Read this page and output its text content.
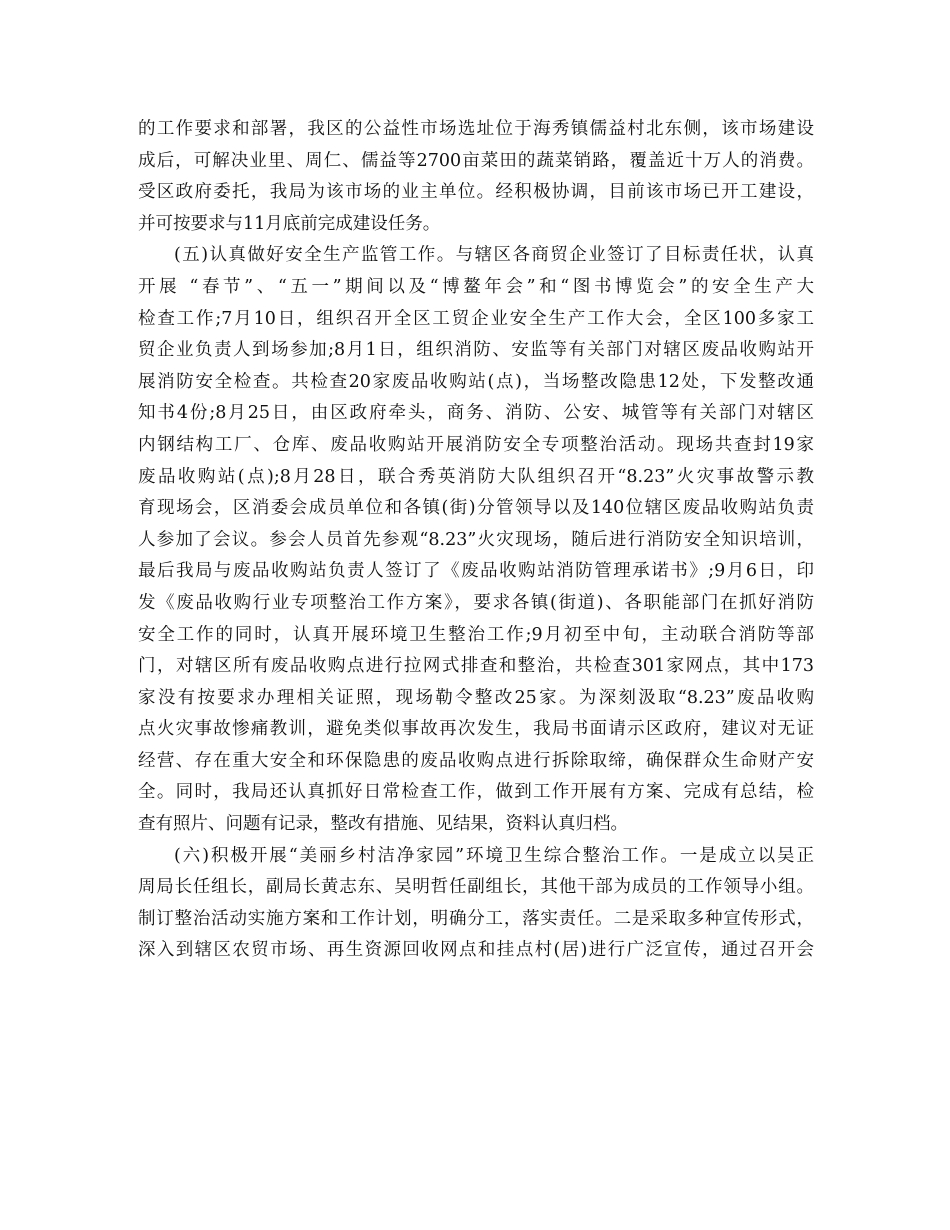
的工作要求和部署，我区的公益性市场选址位于海秀镇儒益村北东侧，该市场建设
成后，可解决业里、周仁、儒益等2700亩菜田的蔬菜销路，覆盖近十万人的消费。
受区政府委托，我局为该市场的业主单位。经积极协调，目前该市场已开工建设，
并可按要求与11月底前完成建设任务。
(五)认真做好安全生产监管工作。与辖区各商贸企业签订了目标责任状，认真
开展 “春节”、“五一”期间以及“博鳌年会”和“图书博览会”的安全生产大
检查工作;7月10日，组织召开全区工贸企业安全生产工作大会，全区100多家工
贸企业负责人到场参加;8月1日，组织消防、安监等有关部门对辖区废品收购站开
展消防安全检查。共检查20家废品收购站(点)，当场整改隐患12处，下发整改通
知书4份;8月25日，由区政府牵头，商务、消防、公安、城管等有关部门对辖区
内钢结构工厂、仓库、废品收购站开展消防安全专项整治活动。现场共查封19家
废品收购站(点);8月28日，联合秀英消防大队组织召开“8.23”火灾事故警示教
育现场会，区消委会成员单位和各镇(街)分管领导以及140位辖区废品收购站负责
人参加了会议。参会人员首先参观“8.23”火灾现场，随后进行消防安全知识培训，
最后我局与废品收购站负责人签订了《废品收购站消防管理承诺书》;9月6日，印
发《废品收购行业专项整治工作方案》，要求各镇(街道)、各职能部门在抓好消防
安全工作的同时，认真开展环境卫生整治工作;9月初至中旬，主动联合消防等部
门，对辖区所有废品收购点进行拉网式排查和整治，共检查301家网点，其中173
家没有按要求办理相关证照，现场勒令整改25家。为深刻汲取“8.23”废品收购
点火灾事故惨痛教训，避免类似事故再次发生，我局书面请示区政府，建议对无证
经营、存在重大安全和环保隐患的废品收购点进行拆除取缔，确保群众生命财产安
全。同时，我局还认真抓好日常检查工作，做到工作开展有方案、完成有总结，检
查有照片、问题有记录，整改有措施、见结果，资料认真归档。
(六)积极开展“美丽乡村洁净家园”环境卫生综合整治工作。一是成立以吴正
周局长任组长，副局长黄志东、吴明哲任副组长，其他干部为成员的工作领导小组。
制订整治活动实施方案和工作计划，明确分工，落实责任。二是采取多种宣传形式，
深入到辖区农贸市场、再生资源回收网点和挂点村(居)进行广泛宣传，通过召开会
